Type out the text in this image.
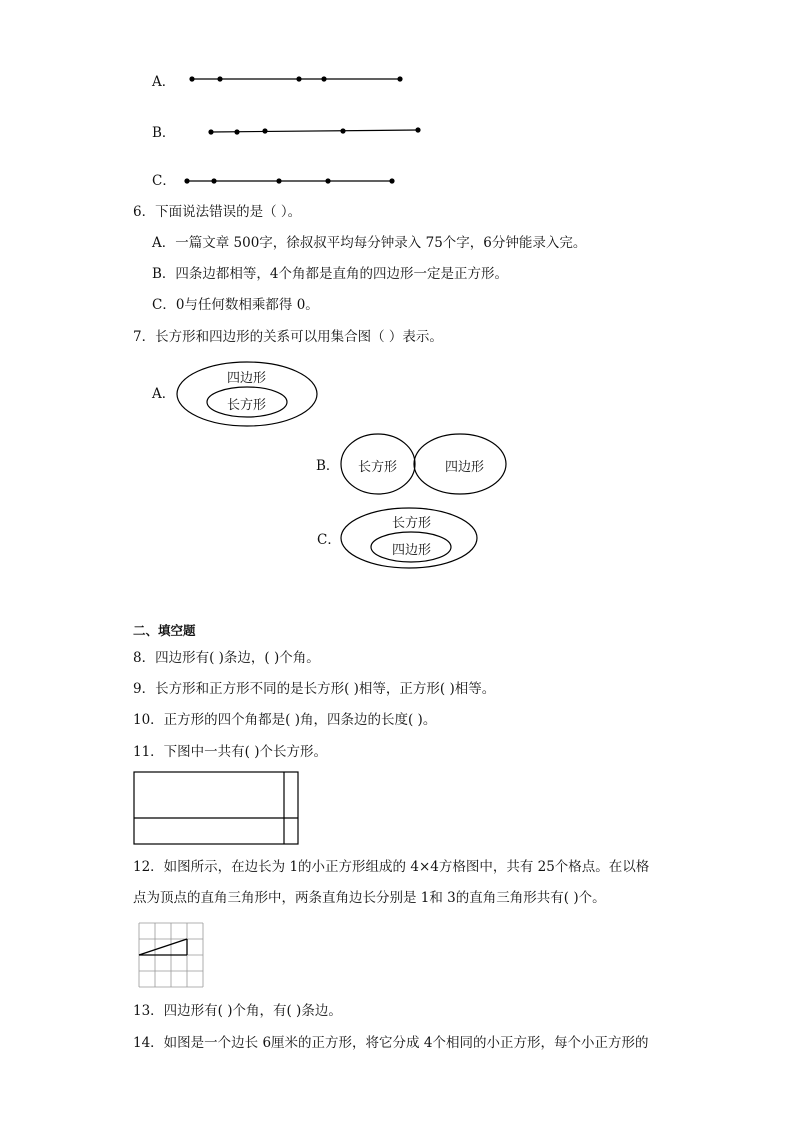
A．
B．
C．
6．下面说法错误的是（ ）。
A．一篇文章 500字，徐叔叔平均每分钟录入 75个字，6分钟能录入完。
B．四条边都相等，4个角都是直角的四边形一定是正方形。
C．0与任何数相乘都得 0。
7．长方形和四边形的关系可以用集合图（ ）表示。
A．
四边形
长方形
B． 长方形	四边形
C．
长方形
四边形
二、填空题
8．四边形有( )条边，( )个角。
9．长方形和正方形不同的是长方形( )相等，正方形( )相等。
10．正方形的四个角都是( )角，四条边的长度( )。
11．下图中一共有( )个长方形。
12．如图所示，在边长为 1的小正方形组成的 4×4方格图中，共有 25个格点。在以格
点为顶点的直角三角形中，两条直角边长分别是 1和 3的直角三角形共有( )个。
13．四边形有( )个角，有( )条边。
14．如图是一个边长 6厘米的正方形，将它分成 4个相同的小正方形，每个小正方形的
